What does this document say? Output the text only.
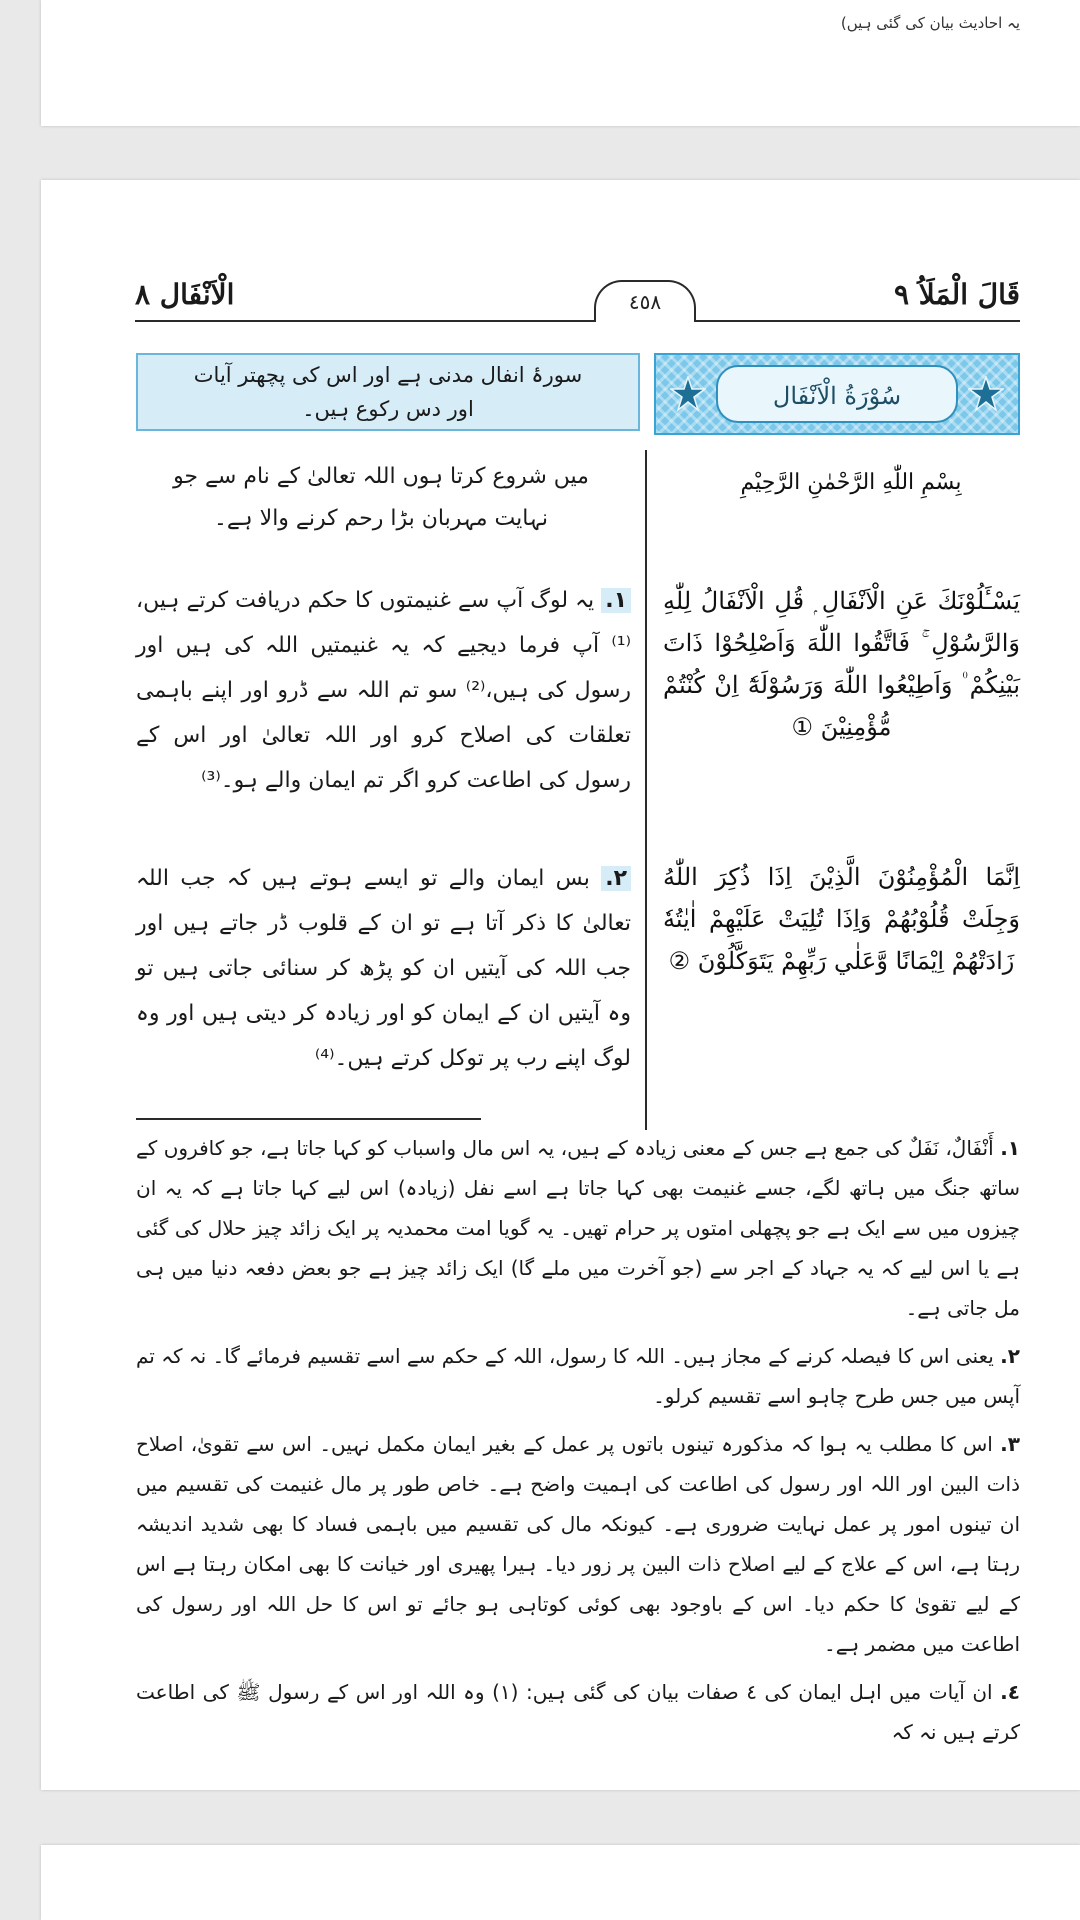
یہ احادیث بیان کی گئی ہیں)
قَالَ الْمَلَاُ ٩
الْاَنْفَال ٨	٤٥٨
سورۂ انفال مدنی ہے اور اس کی پچھتر آیات
اور دس رکوع ہیں۔	سُوْرَةُ الْاَنْفَال
بِسْمِ اللّٰهِ الرَّحْمٰنِ الرَّحِيْمِ
میں شروع کرتا ہوں اللہ تعالیٰ کے نام سے جو
نہایت مہربان بڑا رحم کرنے والا ہے۔
يَسْـَٔلُوْنَكَ عَنِ الْاَنْفَالِ ۭ قُلِ الْاَنْفَالُ لِلّٰهِ وَالرَّسُوْلِ ۚ فَاتَّقُوا اللّٰهَ وَاَصْلِحُوْا ذَاتَ بَيْنِكُمْ ۠ وَاَطِيْعُوا اللّٰهَ وَرَسُوْلَهٗٓ اِنْ كُنْتُمْ مُّؤْمِنِيْنَ ①
١. یہ لوگ آپ سے غنیمتوں کا حکم دریافت کرتے ہیں،⁽¹⁾ آپ فرما دیجیے کہ یہ غنیمتیں اللہ کی ہیں اور رسول کی ہیں،⁽²⁾ سو تم اللہ سے ڈرو اور اپنے باہمی تعلقات کی اصلاح کرو اور اللہ تعالیٰ اور اس کے رسول کی اطاعت کرو اگر تم ایمان والے ہو۔⁽³⁾
اِنَّمَا الْمُؤْمِنُوْنَ الَّذِيْنَ اِذَا ذُكِرَ اللّٰهُ وَجِلَتْ قُلُوْبُهُمْ وَاِذَا تُلِيَتْ عَلَيْهِمْ اٰيٰتُهٗ زَادَتْهُمْ اِيْمَانًا وَّعَلٰي رَبِّهِمْ يَتَوَكَّلُوْنَ ②
٢. بس ایمان والے تو ایسے ہوتے ہیں کہ جب اللہ تعالیٰ کا ذکر آتا ہے تو ان کے قلوب ڈر جاتے ہیں اور جب اللہ کی آیتیں ان کو پڑھ کر سنائی جاتی ہیں تو وہ آیتیں ان کے ایمان کو اور زیادہ کر دیتی ہیں اور وہ لوگ اپنے رب پر توکل کرتے ہیں۔⁽⁴⁾

١. أَنْفَالٌ، نَفَلٌ کی جمع ہے جس کے معنی زیادہ کے ہیں، یہ اس مال واسباب کو کہا جاتا ہے، جو کافروں کے ساتھ جنگ میں ہاتھ لگے، جسے غنیمت بھی کہا جاتا ہے اسے نفل (زیادہ) اس لیے کہا جاتا ہے کہ یہ ان چیزوں میں سے ایک ہے جو پچھلی امتوں پر حرام تھیں۔ یہ گویا امت محمدیہ پر ایک زائد چیز حلال کی گئی ہے یا اس لیے کہ یہ جہاد کے اجر سے (جو آخرت میں ملے گا) ایک زائد چیز ہے جو بعض دفعہ دنیا میں ہی مل جاتی ہے۔

٢. یعنی اس کا فیصلہ کرنے کے مجاز ہیں۔ اللہ کا رسول، اللہ کے حکم سے اسے تقسیم فرمائے گا۔ نہ کہ تم آپس میں جس طرح چاہو اسے تقسیم کرلو۔

٣. اس کا مطلب یہ ہوا کہ مذکورہ تینوں باتوں پر عمل کے بغیر ایمان مکمل نہیں۔ اس سے تقویٰ، اصلاح ذات البین اور اللہ اور رسول کی اطاعت کی اہمیت واضح ہے۔ خاص طور پر مال غنیمت کی تقسیم میں ان تینوں امور پر عمل نہایت ضروری ہے۔ کیونکہ مال کی تقسیم میں باہمی فساد کا بھی شدید اندیشہ رہتا ہے، اس کے علاج کے لیے اصلاح ذات البین پر زور دیا۔ ہیرا پھیری اور خیانت کا بھی امکان رہتا ہے اس کے لیے تقویٰ کا حکم دیا۔ اس کے باوجود بھی کوئی کوتاہی ہو جائے تو اس کا حل اللہ اور رسول کی اطاعت میں مضمر ہے۔

٤. ان آیات میں اہل ایمان کی ٤ صفات بیان کی گئی ہیں: (١) وہ اللہ اور اس کے رسول ﷺ کی اطاعت کرتے ہیں نہ کہ
